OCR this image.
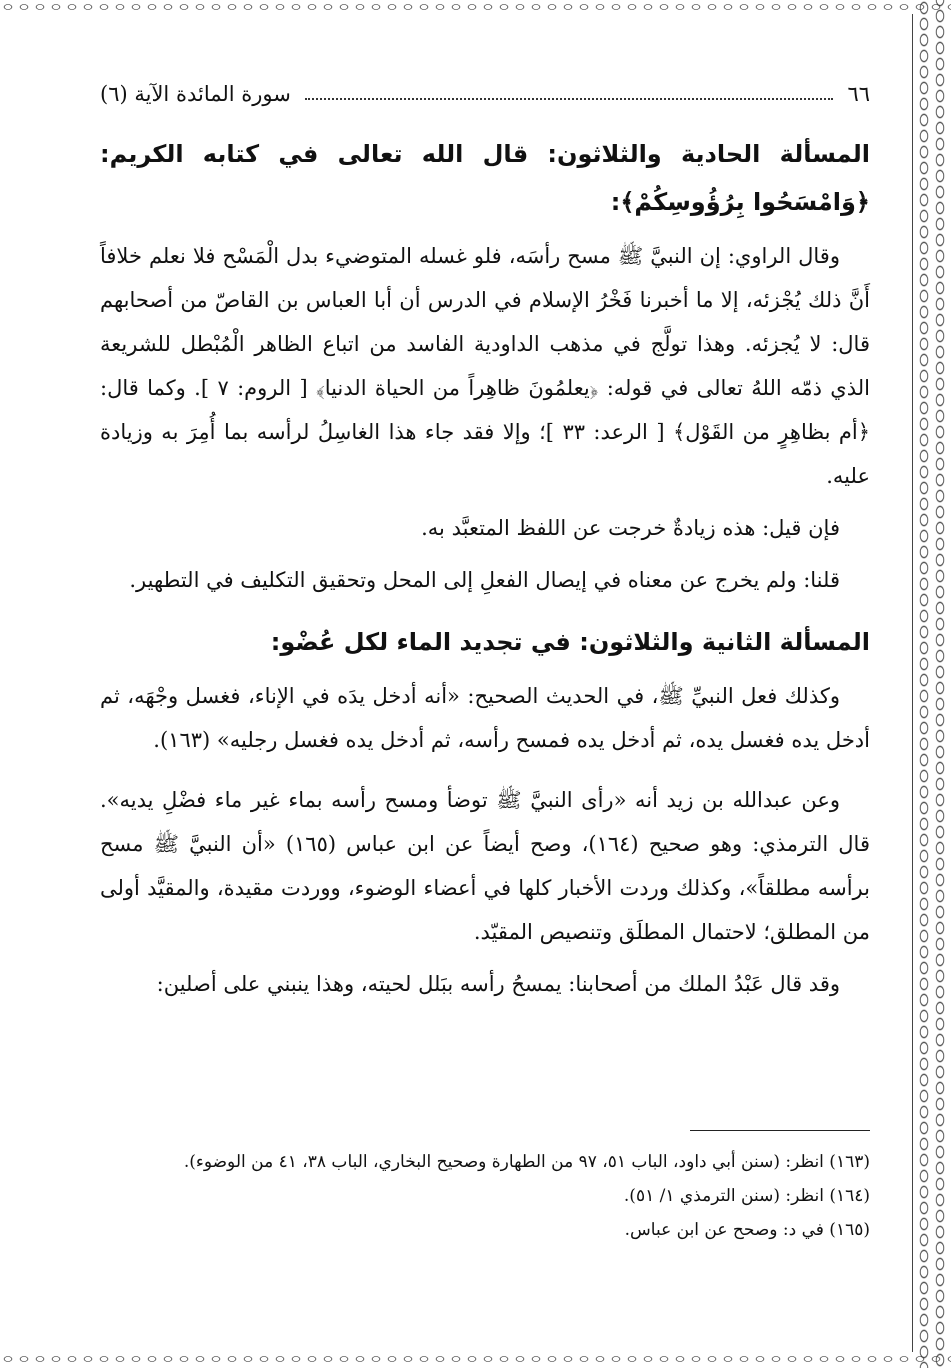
٦٦
سورة المائدة الآية (٦)

المسألة الحادية والثلاثون: قال الله تعالى في كتابه الكريم: ﴿وَامْسَحُوا بِرُؤُوسِكُمْ﴾:

وقال الراوي: إن النبيَّ ﷺ مسح رأسَه، فلو غسله المتوضيء بدل الْمَسْح فلا نعلم خلافاً أَنَّ ذلك يُجْزئه، إلا ما أخبرنا فَخْرُ الإسلام في الدرس أن أبا العباس بن القاصّ من أصحابهم قال: لا يُجزئه. وهذا تولَّج في مذهب الداودية الفاسد من اتباع الظاهر الْمُبْطل للشريعة الذي ذمّه اللهُ تعالى في قوله: ﴿يعلمُونَ ظاهِراً من الحياة الدنيا﴾ [ الروم: ٧ ]. وكما قال: ﴿أم بظاهِرٍ من القَوْل﴾ [ الرعد: ٣٣ ]؛ وإلا فقد جاء هذا الغاسِلُ لرأسه بما أُمِرَ به وزيادة عليه.

فإن قيل: هذه زيادةٌ خرجت عن اللفظ المتعبَّد به.

قلنا: ولم يخرج عن معناه في إيصال الفعلِ إلى المحل وتحقيق التكليف في التطهير.

المسألة الثانية والثلاثون: في تجديد الماء لكل عُضْو:

وكذلك فعل النبيِّ ﷺ، في الحديث الصحيح: «أنه أدخل يدَه في الإناء، فغسل وجْهَه، ثم أدخل يده فغسل يده، ثم أدخل يده فمسح رأسه، ثم أدخل يده فغسل رجليه» (١٦٣).

وعن عبدالله بن زيد أنه «رأى النبيَّ ﷺ توضأ ومسح رأسه بماء غير ماء فضْلِ يديه». قال الترمذي: وهو صحيح (١٦٤)، وصح أيضاً عن ابن عباس (١٦٥) «أن النبيَّ ﷺ مسح برأسه مطلقاً»، وكذلك وردت الأخبار كلها في أعضاء الوضوء، ووردت مقيدة، والمقيَّد أولى من المطلق؛ لاحتمال المطلَق وتنصيص المقيّد.

وقد قال عَبْدُ الملك من أصحابنا: يمسحُ رأسه ببَلل لحيته، وهذا ينبني على أصلين:

(١٦٣) انظر: (سنن أبي داود، الباب ٥١، ٩٧ من الطهارة وصحيح البخاري، الباب ٣٨، ٤١ من الوضوء).

(١٦٤) انظر: (سنن الترمذي ١/ ٥١).

(١٦٥) في د: وصحح عن ابن عباس.
